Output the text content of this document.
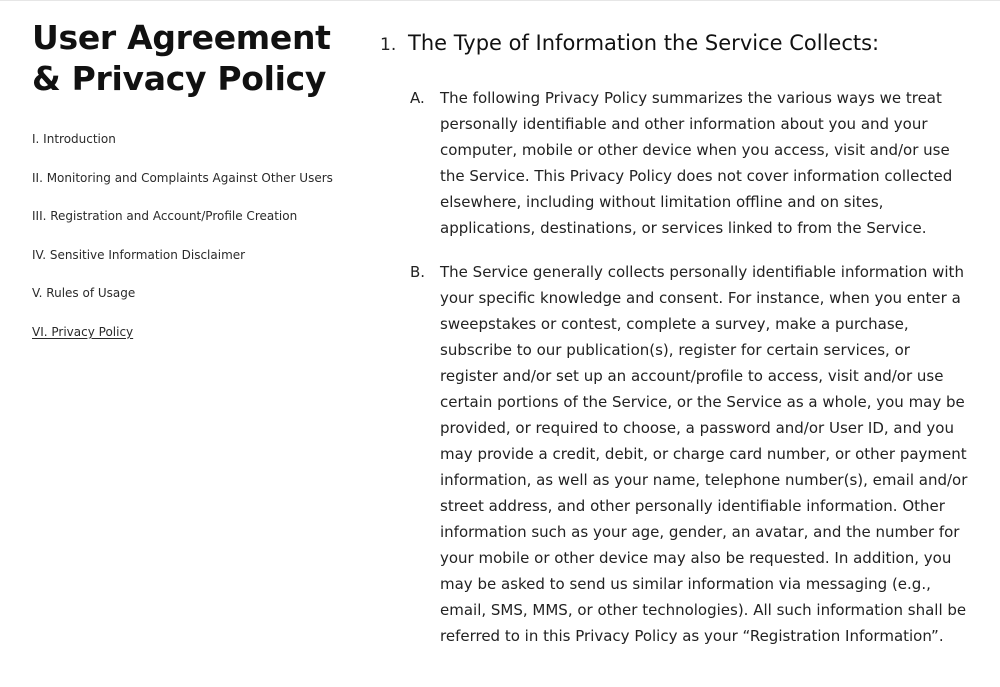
User Agreement & Privacy Policy
I. Introduction
II. Monitoring and Complaints Against Other Users
III. Registration and Account/Profile Creation
IV. Sensitive Information Disclaimer
V. Rules of Usage
VI. Privacy Policy
1. The Type of Information the Service Collects:
A.	The following Privacy Policy summarizes the various ways we treat personally identifiable and other information about you and your computer, mobile or other device when you access, visit and/or use the Service. This Privacy Policy does not cover information collected elsewhere, including without limitation offline and on sites, applications, destinations, or services linked to from the Service.

B. The Service generally collects personally identifiable information with your specific knowledge and consent. For instance, when you enter a sweepstakes or contest, complete a survey, make a purchase, subscribe to our publication(s), register for certain services, or register and/or set up an account/profile to access, visit and/or use certain portions of the Service, or the Service as a whole, you may be provided, or required to choose, a password and/or User ID, and you may provide a credit, debit, or charge card number, or other payment information, as well as your name, telephone number(s), email and/or street address, and other personally identifiable information. Other information such as your age, gender, an avatar, and the number for your mobile or other device may also be requested. In addition, you may be asked to send us similar information via messaging (e.g., email, SMS, MMS, or other technologies). All such information shall be referred to in this Privacy Policy as your “Registration Information”.
